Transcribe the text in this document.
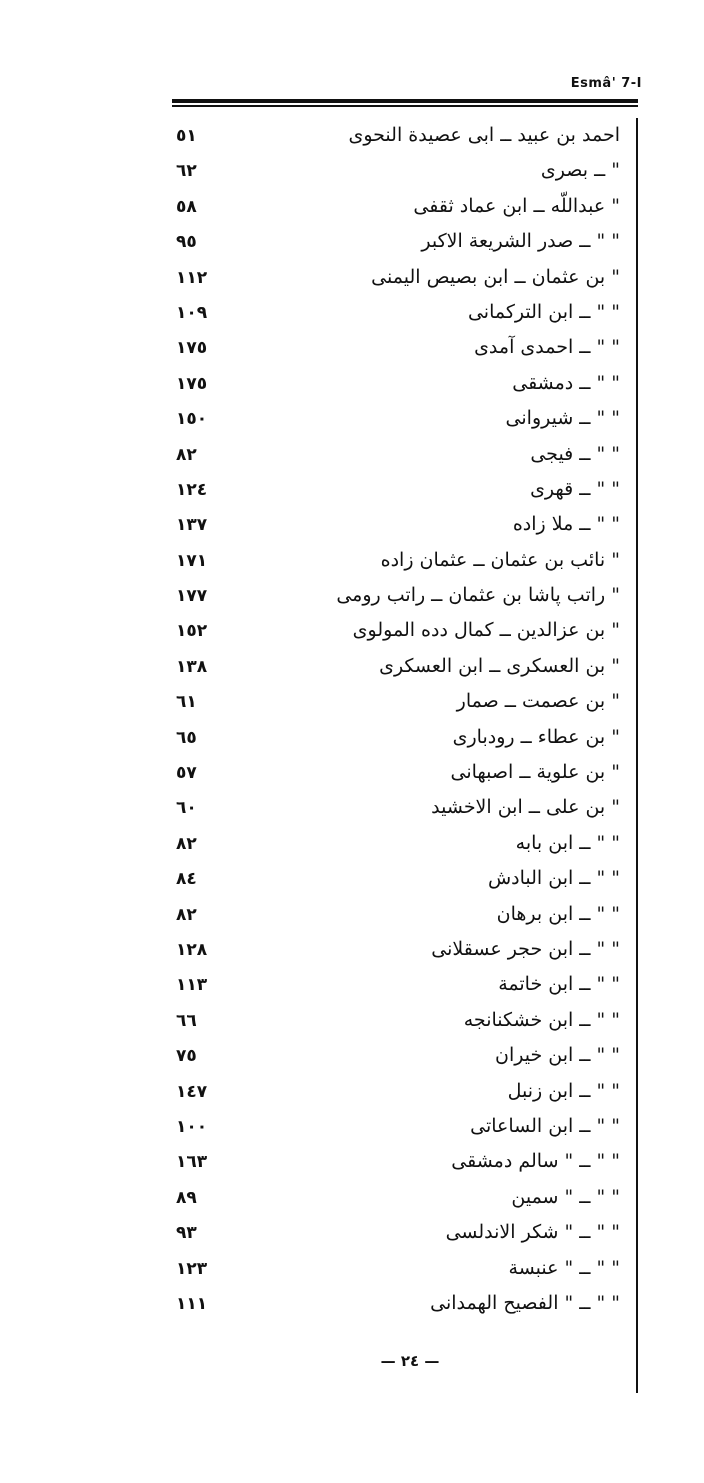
Esmâ' 7-I
احمد بن عبيد ــ ابى عصيدة النحوى
٥١
" ــ بصرى
٦٢
" عبداللّه ــ ابن عماد ثقفى
٥٨
" " ــ صدر الشريعة الاكبر
٩٥
" بن عثمان ــ ابن بصيص اليمنى
١١٢
" " ــ ابن التركمانى
١٠٩
" " ــ احمدى آمدى
١٧٥
" " ــ دمشقى
١٧٥
" " ــ شيروانى
١٥٠
" " ــ فيجى
٨٢
" " ــ قهرى
١٢٤
" " ــ ملا زاده
١٣٧
" نائب بن عثمان ــ عثمان زاده
١٧١
" راتب پاشا بن عثمان ــ راتب رومى
١٧٧
" بن عزالدين ــ كمال دده المولوى
١٥٢
" بن العسكرى ــ ابن العسكرى
١٣٨
" بن عصمت ــ صمار
٦١
" بن عطاء ــ رودبارى
٦٥
" بن علوية ــ اصبهانى
٥٧
" بن على ــ ابن الاخشيد
٦٠
" " ــ ابن بابه
٨٢
" " ــ ابن البادش
٨٤
" " ــ ابن برهان
٨٢
" " ــ ابن حجر عسقلانى
١٢٨
" " ــ ابن خاتمة
١١٣
" " ــ ابن خشكنانجه
٦٦
" " ــ ابن خيران
٧٥
" " ــ ابن زنبل
١٤٧
" " ــ ابن الساعاتى
١٠٠
" " ــ " سالم دمشقى
١٦٣
" " ــ " سمين
٨٩
" " ــ " شكر الاندلسى
٩٣
" " ــ " عنبسة
١٢٣
" " ــ " الفصيح الهمدانى
١١١
— ٢٤ —
